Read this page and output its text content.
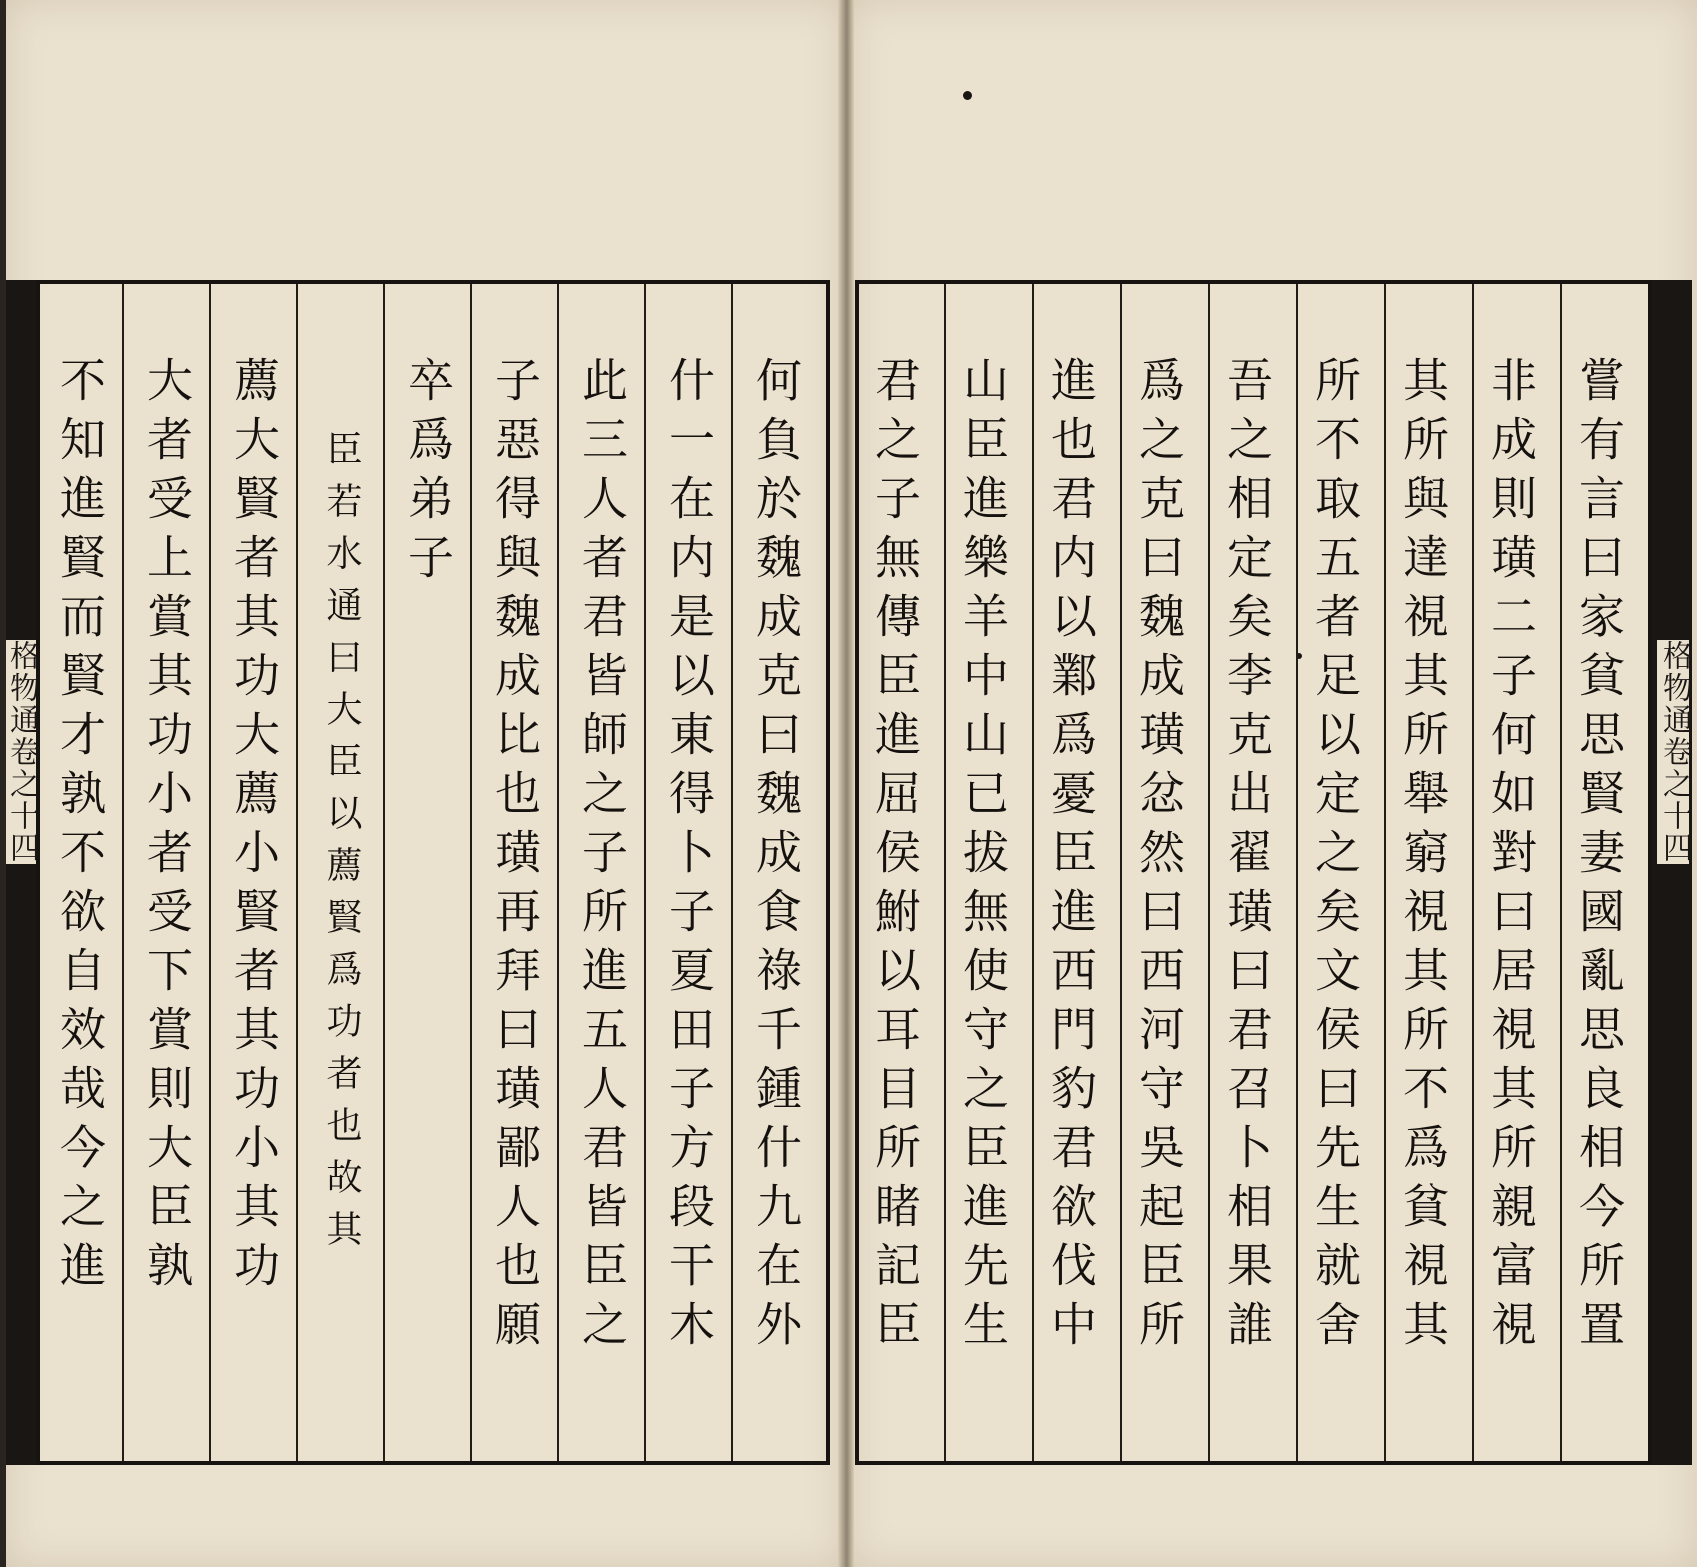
不知進賢而賢才孰不欲自效哉今之進 大者受上賞其功小者受下賞則大臣孰 薦大賢者其功大薦小賢者其功小其功	臣若水通曰大臣以薦賢爲功者也故其 卒爲弟子 子惡得與魏成比也璜再拜曰璜鄙人也願 此三人者君皆師之子所進五人君皆臣之 什一在内是以東得卜子夏田子方段干木 何負於魏成克曰魏成食祿千鍾什九在外	嘗有言曰家貧思賢妻國亂思良相今所置
非成則璜二子何如對曰居視其所親富視
其所與達視其所舉窮視其所不爲貧視其
所不取五者足以定之矣文侯曰先生就舍
吾之相定矣李克出翟璜曰君召卜相果誰
爲之克曰魏成璜忿然曰西河守吳起臣所
進也君内以鄴爲憂臣進西門豹君欲伐中
山臣進樂羊中山已拔無使守之臣進先生
君之子無傳臣進屈侯鮒以耳目所睹記臣
格物通卷之十四	格物通卷之十四
